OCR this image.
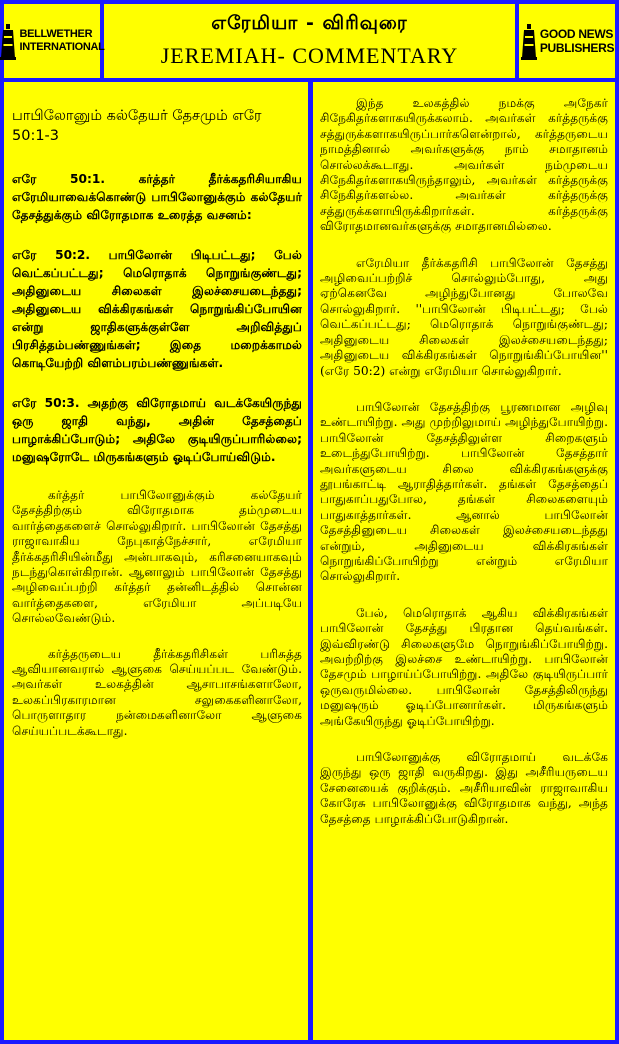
BELLWETHER
INTERNATIONAL
எரேமியா - விரிவுரை
JEREMIAH- COMMENTARY
GOOD NEWS
PUBLISHERS
பாபிலோனும் கல்தேயர் தேசமும் எரே 50:1-3

எரே 50:1. கர்த்தர் தீர்க்கதரிசியாகிய எரேமியாவைக்கொண்டு பாபிலோனுக்கும் கல்தேயர் தேசத்துக்கும் விரோதமாக உரைத்த வசனம்:

எரே 50:2. பாபிலோன் பிடிபட்டது; பேல் வெட்கப்பட்டது; மெரொதாக் நொறுங்குண்டது; அதினுடைய சிலைகள் இலச்சையடைந்தது; அதினுடைய விக்கிரகங்கள் நொறுங்கிப்போயின என்று ஜாதிகளுக்குள்ளே அறிவித்துப் பிரசித்தம்பண்ணுங்கள்; இதை மறைக்காமல் கொடியேற்றி விளம்பரம்பண்ணுங்கள்.

எரே 50:3. அதற்கு விரோதமாய் வடக்கேயிருந்து ஒரு ஜாதி வந்து, அதின் தேசத்தைப் பாழாக்கிப்போடும்; அதிலே குடியிருப்பாரில்லை; மனுஷரோடே மிருகங்களும் ஓடிப்போய்விடும்.

கர்த்தர் பாபிலோனுக்கும் கல்தேயர் தேசத்திற்கும் விரோதமாக தம்முடைய வார்த்தைகளைச் சொல்லுகிறார். பாபிலோன் தேசத்து ராஜாவாகிய நேபுகாத்நேச்சார், எரேமியா தீர்க்கதரிசியின்மீது அன்பாகவும், கரிசனையாகவும் நடந்துகொள்கிறான். ஆனாலும் பாபிலோன் தேசத்து அழிவைப்பற்றி கர்த்தர் தன்னிடத்தில் சொன்ன வார்த்தைகளை, எரேமியா அப்படியே சொல்லவேண்டும்.

கர்த்தருடைய தீர்க்கதரிசிகள் பரிசுத்த ஆவியானவரால் ஆளுகை செய்யப்பட வேண்டும். அவர்கள் உலகத்தின் ஆசாபாசங்களாலோ, உலகப்பிரகாரமான சலுகைகளினாலோ, பொருளாதார நன்மைகளினாலோ ஆளுகை செய்யப்படக்கூடாது.

இந்த உலகத்தில் நமக்கு அநேகர் சிநேகிதர்களாகயிருக்கலாம். அவர்கள் கர்த்தருக்கு சத்துருக்களாகயிருப்பார்களென்றால், கர்த்தருடைய நாமத்தினால் அவர்களுக்கு நாம் சமாதானம் சொல்லக்கூடாது. அவர்கள் நம்முடைய சிநேகிதர்களாகயிருந்தாலும், அவர்கள் கர்த்தருக்கு சிநேகிதர்களல்ல. அவர்கள் கர்த்தருக்கு சத்துருக்களாயிருக்கிறார்கள். கர்த்தருக்கு விரோதமானவர்களுக்கு சமாதானமில்லை.

எரேமியா தீர்க்கதரிசி பாபிலோன் தேசத்து அழிவைப்பற்றிச் சொல்லும்போது, அது ஏற்கெனவே அழிந்துபோனது போலவே சொல்லுகிறார். ''பாபிலோன் பிடிபட்டது; பேல் வெட்கப்பட்டது; மெரொதாக் நொறுங்குண்டது; அதினுடைய சிலைகள் இலச்சையடைந்தது; அதினுடைய விக்கிரகங்கள் நொறுங்கிப்போயின'' (எரே 50:2) என்று எரேமியா சொல்லுகிறார்.

பாபிலோன் தேசத்திற்கு பூரணமான அழிவு உண்டாயிற்று. அது முற்றிலுமாய் அழிந்துபோயிற்று. பாபிலோன் தேசத்திலுள்ள சிறைகளும் உடைந்துபோயிற்று. பாபிலோன் தேசத்தார் அவர்களுடைய சிலை விக்கிரகங்களுக்கு தூபங்காட்டி ஆராதித்தார்கள். தங்கள் தேசத்தைப் பாதுகாப்பதுபோல, தங்கள் சிலைகளையும் பாதுகாத்தார்கள். ஆனால் பாபிலோன் தேசத்தினுடைய சிலைகள் இலச்சையடைந்தது என்றும், அதினுடைய விக்கிரகங்கள் நொறுங்கிப்போயிற்று என்றும் எரேமியா சொல்லுகிறார்.

பேல், மெரொதாக் ஆகிய விக்கிரகங்கள் பாபிலோன் தேசத்து பிரதான தெய்வங்கள். இவ்விரண்டு சிலைகளுமே நொறுங்கிப்போயிற்று. அவற்றிற்கு இலச்சை உண்டாயிற்று. பாபிலோன் தேசமும் பாழாய்ப்போயிற்று. அதிலே குடியிருப்பார் ஒருவருமில்லை. பாபிலோன் தேசத்திலிருந்து மனுஷரும் ஓடிப்போனார்கள். மிருகங்களும் அங்கேயிருந்து ஓடிப்போயிற்று.

பாபிலோனுக்கு விரோதமாய் வடக்கே இருந்து ஒரு ஜாதி வருகிறது. இது அசீரியருடைய சேனையைக் குறிக்கும். அசீரியாவின் ராஜாவாகிய கோரேசு பாபிலோனுக்கு விரோதமாக வந்து, அந்த தேசத்தை பாழாக்கிப்போடுகிறான்.
